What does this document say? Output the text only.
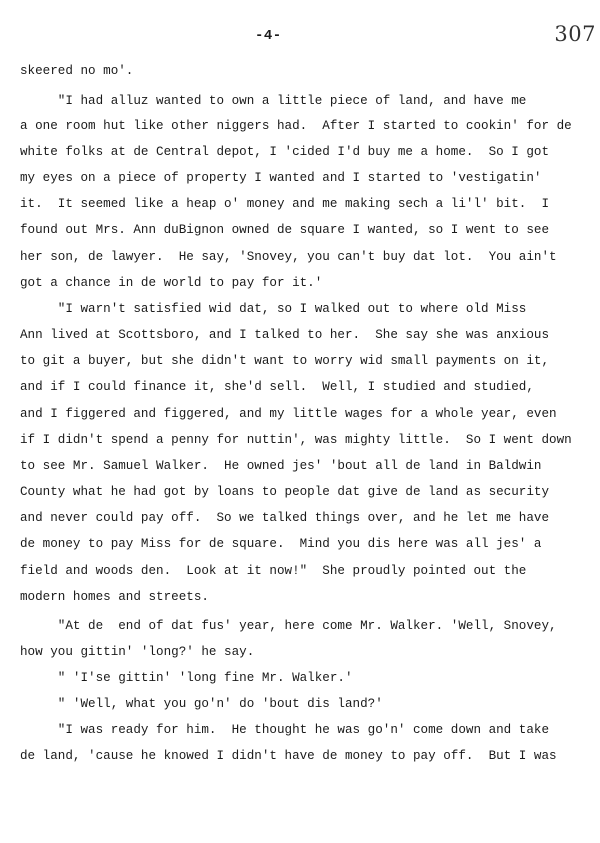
-4-	307
skeered no mo'.
"I had alluz wanted to own a little piece of land, and have me
a one room hut like other niggers had.  After I started to cookin' for de
white folks at de Central depot, I 'cided I'd buy me a home.  So I got
my eyes on a piece of property I wanted and I started to 'vestigatin'
it.  It seemed like a heap o' money and me making sech a li'l' bit.  I
found out Mrs. Ann duBignon owned de square I wanted, so I went to see
her son, de lawyer.  He say, 'Snovey, you can't buy dat lot.  You ain't
got a chance in de world to pay for it.'
"I warn't satisfied wid dat, so I walked out to where old Miss
Ann lived at Scottsboro, and I talked to her.  She say she was anxious
to git a buyer, but she didn't want to worry wid small payments on it,
and if I could finance it, she'd sell.  Well, I studied and studied,
and I figgered and figgered, and my little wages for a whole year, even
if I didn't spend a penny for nuttin', was mighty little.  So I went down
to see Mr. Samuel Walker.  He owned jes' 'bout all de land in Baldwin
County what he had got by loans to people dat give de land as security
and never could pay off.  So we talked things over, and he let me have
de money to pay Miss for de square.  Mind you dis here was all jes' a
field and woods den.  Look at it now!"  She proudly pointed out the
modern homes and streets.
"At de  end of dat fus' year, here come Mr. Walker. 'Well, Snovey,
how you gittin' 'long?' he say.
" 'I'se gittin' 'long fine Mr. Walker.'
" 'Well, what you go'n' do 'bout dis land?'
"I was ready for him.  He thought he was go'n' come down and take
de land, 'cause he knowed I didn't have de money to pay off.  But I was
